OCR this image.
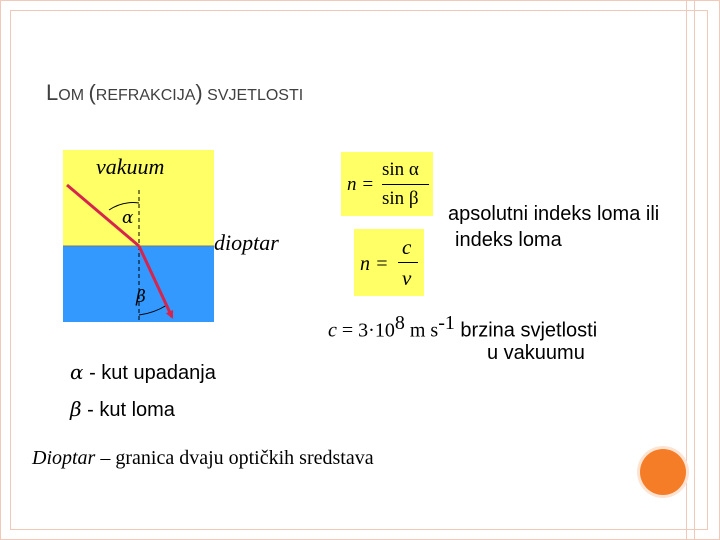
LOM (REFRAKCIJA) SVJETLOSTI
vakuum
dioptar
α
β
n =
sin α
sin β
n =
c
v
apsolutni indeks loma ili
indeks loma
$c = 3\cdot 10^8$ m $s^{-1}$ brzina svjetlosti
u vakuumu
α - kut upadanja
β - kut loma
Dioptar – granica dvaju optičkih sredstava
